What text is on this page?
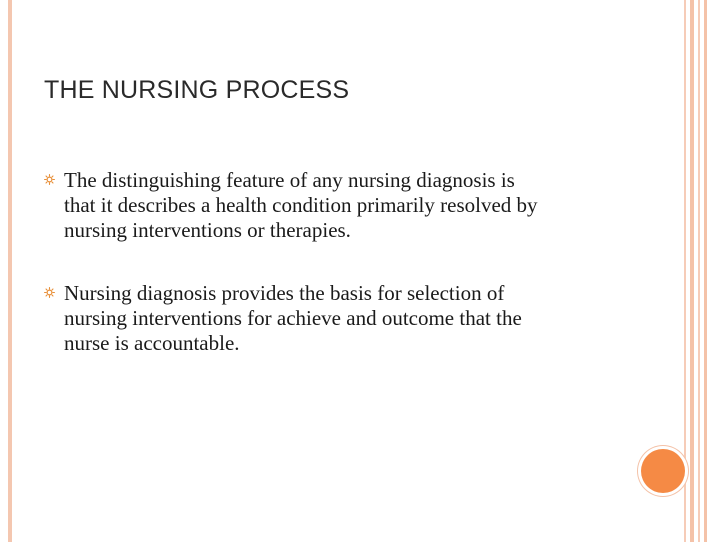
THE NURSING PROCESS
The distinguishing feature of any nursing diagnosis is
that it describes a health condition primarily resolved by
nursing interventions or therapies.
Nursing diagnosis provides the basis for selection of
nursing interventions for achieve and outcome that the
nurse is accountable.
